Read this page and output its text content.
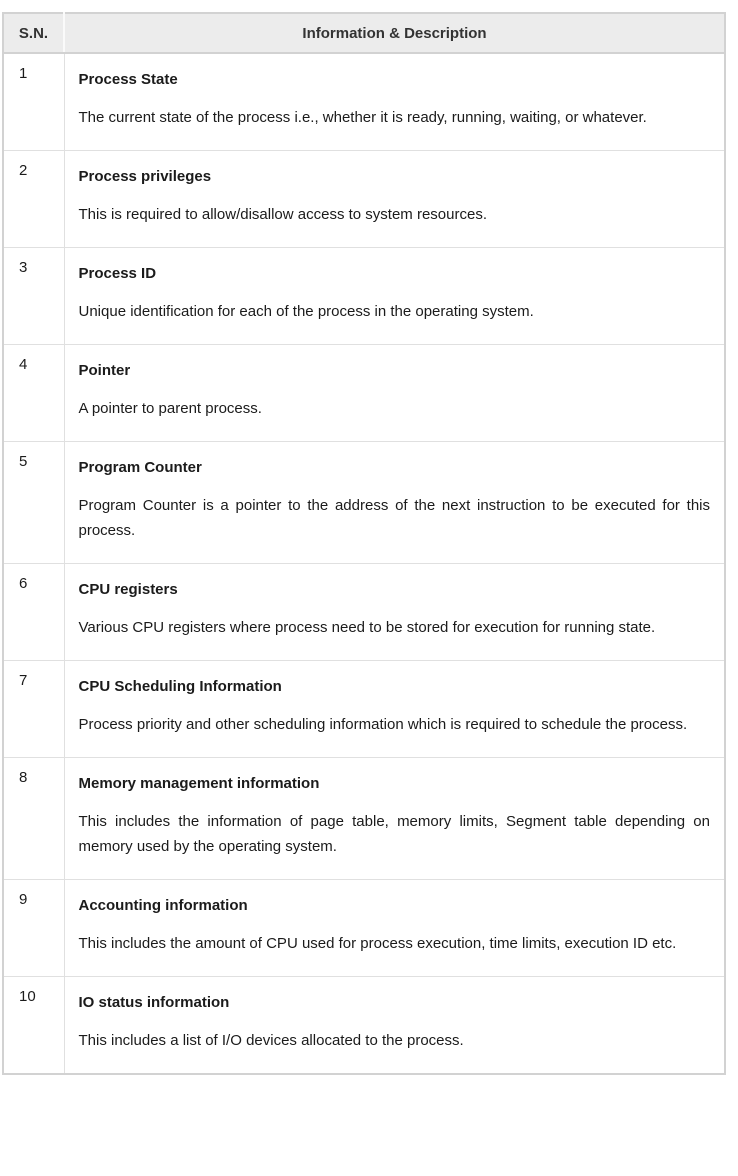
S.N.	Information & Description
1	Process State

The current state of the process i.e., whether it is ready, running, waiting, or whatever.

2	Process privileges

This is required to allow/disallow access to system resources.

3	Process ID

Unique identification for each of the process in the operating system.

4	Pointer

A pointer to parent process.

5	Program Counter

Program Counter is a pointer to the address of the next instruction to be executed for this process.

6	CPU registers

Various CPU registers where process need to be stored for execution for running state.

7	CPU Scheduling Information

Process priority and other scheduling information which is required to schedule the process.

8	Memory management information

This includes the information of page table, memory limits, Segment table depending on memory used by the operating system.

9	Accounting information

This includes the amount of CPU used for process execution, time limits, execution ID etc.

10	IO status information

This includes a list of I/O devices allocated to the process.
